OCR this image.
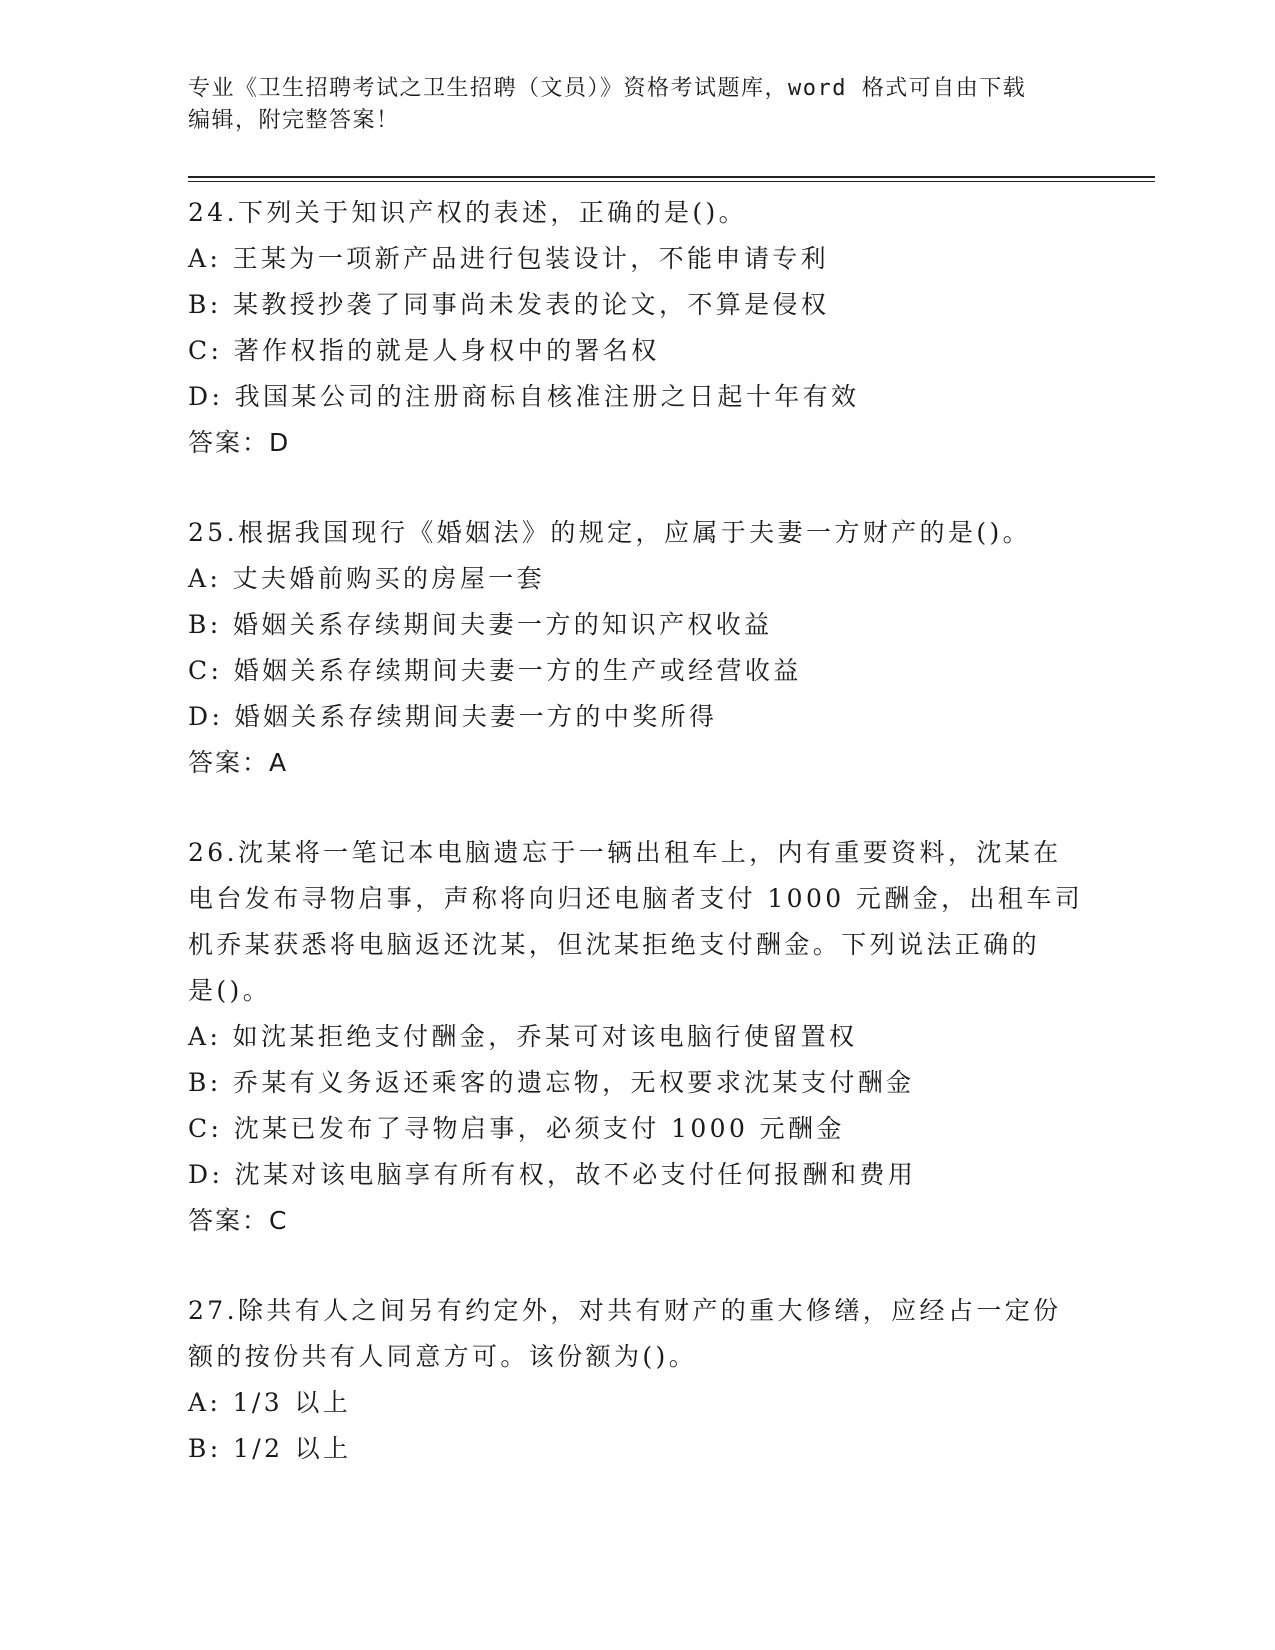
专业《卫生招聘考试之卫生招聘（文员）》资格考试题库，word 格式可自由下载
编辑，附完整答案！
24.下列关于知识产权的表述，正确的是()。
A: 王某为一项新产品进行包装设计，不能申请专利
B: 某教授抄袭了同事尚未发表的论文，不算是侵权
C: 著作权指的就是人身权中的署名权
D: 我国某公司的注册商标自核准注册之日起十年有效
答案：D
25.根据我国现行《婚姻法》的规定，应属于夫妻一方财产的是()。
A: 丈夫婚前购买的房屋一套
B: 婚姻关系存续期间夫妻一方的知识产权收益
C: 婚姻关系存续期间夫妻一方的生产或经营收益
D: 婚姻关系存续期间夫妻一方的中奖所得
答案：A
26.沈某将一笔记本电脑遗忘于一辆出租车上，内有重要资料，沈某在
电台发布寻物启事，声称将向归还电脑者支付 1000 元酬金，出租车司
机乔某获悉将电脑返还沈某，但沈某拒绝支付酬金。下列说法正确的
是()。
A: 如沈某拒绝支付酬金，乔某可对该电脑行使留置权
B: 乔某有义务返还乘客的遗忘物，无权要求沈某支付酬金
C: 沈某已发布了寻物启事，必须支付 1000 元酬金
D: 沈某对该电脑享有所有权，故不必支付任何报酬和费用
答案：C
27.除共有人之间另有约定外，对共有财产的重大修缮，应经占一定份
额的按份共有人同意方可。该份额为()。
A: 1/3 以上
B: 1/2 以上
